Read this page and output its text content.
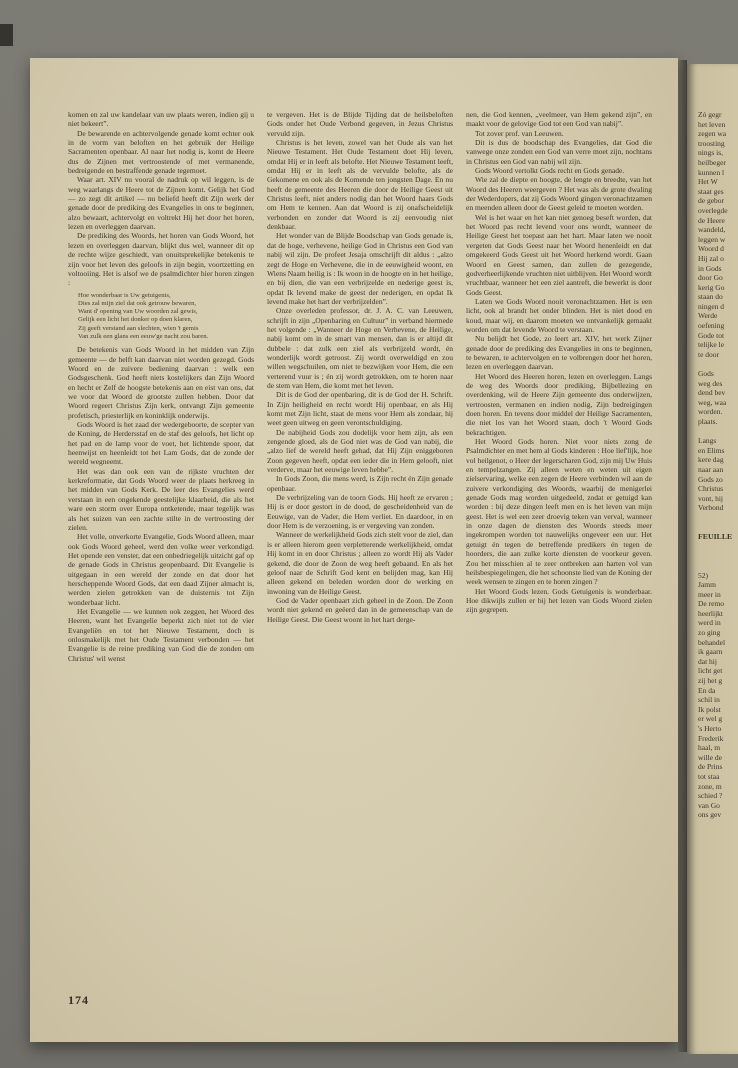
komen en zal uw kandelaar van uw plaats weren, indien gij u niet bekeert”.

De bewarende en achtervolgende genade komt echter ook in de vorm van beloften en het gebruik der Heilige Sacramenten openbaar. Al naar het nodig is, komt de Heere dus de Zijnen met vertroostende of met vermanende, bedreigende en bestraffende genade tegemoet.

Waar art. XIV nu vooral de nadruk op wil leggen, is de weg waarlangs de Heere tot de Zijnen komt. Gelijk het God — zo zegt dit artikel — nu beliefd heeft dit Zijn werk der genade door de prediking des Evangelies in ons te beginnen, alzo bewaart, achtervolgt en voltrekt Hij het door het horen, lezen en overleggen daarvan.

De prediking des Woords, het horen van Gods Woord, het lezen en overleggen daarvan, blijkt dus wel, wanneer dit op de rechte wijze geschiedt, van onuitsprekelijke betekenis te zijn voor het leven des geloofs in zijn begin, voortzetting en voltooiing. Het is alsof we de psalmdichter hier horen zingen :

Hoe wonderbaar is Uw getuigenis,
Dies zal mijn ziel dat ook getrouw bewaren,
Want d' opening van Uw woorden zal gewis,
Gelijk een licht het donker op doen klaren,
Zij geeft verstand aan slechten, wien 't gemis
Van zulk een glans een eeuw'ge nacht zou baren.

De betekenis van Gods Woord in het midden van Zijn gemeente — de helft kan daarvan niet worden gezegd. Gods Woord en de zuivere bediening daarvan : welk een Godsgeschenk. God heeft niets kostelijkers dan Zijn Woord en hecht er Zelf de hoogste betekenis aan en eist van ons, dat we voor dat Woord de grootste zullen hebben. Door dat Woord regeert Christus Zijn kerk, ontvangt Zijn gemeente profetisch, priesterlijk en koninklijk onderwijs.

Gods Woord is het zaad der wedergeboorte, de scepter van de Koning, de Herdersstaf en de staf des geloofs, het licht op het pad en de lamp voor de voet, het lichtende spoor, dat heenwijst en heenleidt tot het Lam Gods, dat de zonde der wereld wegneemt.

Het was dan ook een van de rijkste vruchten der kerkreformatie, dat Gods Woord weer de plaats herkreeg in het midden van Gods Kerk. De leer des Evangelies werd verstaan in een ongekende geestelijke klaarheid, die als het ware een storm over Europa ontketende, maar tegelijk was als het suizen van een zachte stilte in de vertroosting der zielen.

Het volle, onverkorte Evangelie, Gods Woord alleen, maar ook Gods Woord geheel, werd den volke weer verkondigd. Het opende een venster, dat een onbedriegelijk uitzicht gaf op de genade Gods in Christus geopenbaard. Dit Evangelie is uitgegaan in een wereld der zonde en dat door het herscheppende Woord Gods, dat een daad Zijner almacht is, werden zielen getrokken van de duisternis tot Zijn wonderbaar licht.

Het Evangelie — we kunnen ook zeggen, het Woord des Heeren, want het Evangelie beperkt zich niet tot de vier Evangeliën en tot het Nieuwe Testament, doch is onlosmakelijk met het Oude Testament verbonden — het Evangelie is de reine prediking van God die de zonden om Christus' wil wenst

te vergeven. Het is de Blijde Tijding dat de heilsbeloften Gods onder het Oude Verbond gegeven, in Jezus Christus vervuld zijn.

Christus is het leven, zowel van het Oude als van het Nieuwe Testament. Het Oude Testament doet Hij leven, omdat Hij er in leeft als belofte. Het Nieuwe Testament leeft, omdat Hij er in leeft als de vervulde belofte, als de Gekomene en ook als de Komende ten jongsten Dage. En nu heeft de gemeente des Heeren die door de Heilige Geest uit Christus leeft, niet anders nodig dan het Woord haars Gods om Hem te kennen. Aan dat Woord is zij onafscheidelijk verbonden en zonder dat Woord is zij eenvoudig niet denkbaar.

Het wonder van de Blijde Boodschap van Gods genade is, dat de hoge, verhevene, heilige God in Christus een God van nabij wil zijn. De profeet Jesaja omschrijft dit aldus : „alzo zegt de Hoge en Verhevene, die in de eeuwigheid woont, en Wiens Naam heilig is : Ik woon in de hoogte en in het heilige, en bij dien, die van een verbrijzelde en nederige geest is, opdat Ik levend make de geest der nederigen, en opdat Ik levend make het hart der verbrijzelden”.

Onze overleden professor, dr. J. A. C. van Leeuwen, schrijft in zijn „Openbaring en Cultuur” in verband hiermede het volgende : „Wanneer de Hoge en Verhevene, de Heilige, nabij komt om in de smart van mensen, dan is er altijd dit dubbele : dat zulk een ziel als verbrijzeld wordt, én wonderlijk wordt getroost. Zij wordt overweldigd en zou willen wegschuilen, om niet te bezwijken voor Hem, die een verterend vuur is ; én zij wordt getrokken, om te horen naar de stem van Hem, die komt met het leven.

Dit is de God der openbaring, dit is de God der H. Schrift. In Zijn heiligheid en recht wordt Hij openbaar, en als Hij komt met Zijn licht, staat de mens voor Hem als zondaar, hij weet geen uitweg en geen verontschuldiging.

De nabijheid Gods zou dodelijk voor hem zijn, als een zengende gloed, als de God niet was de God van nabij, die „alzo lief de wereld heeft gehad, dat Hij Zijn eniggeboren Zoon gegeven heeft, opdat een ieder die in Hem gelooft, niet verderve, maar het eeuwige leven hebbe”.

In Gods Zoon, die mens werd, is Zijn recht én Zijn genade openbaar.

De verbrijzeling van de toorn Gods. Hij heeft ze ervaren ; Hij is er door gestort in de dood, de gescheidenheid van de Eeuwige, van de Vader, die Hem verliet. En daardoor, in en door Hem is de verzoening, is er vergeving van zonden.

Wanneer de werkelijkheid Gods zich stelt voor de ziel, dan is er alleen hierom geen verpletterende werkelijkheid, omdat Hij komt in en door Christus ; alleen zo wordt Hij als Vader gekend, die door de Zoon de weg heeft gebaand. En als het geloof naar de Schrift God kent en belijden mag, kan Hij alleen gekend en beleden worden door de werking en inwoning van de Heilige Geest.

God de Vader openbaart zich geheel in de Zoon. De Zoon wordt niet gekend en geëerd dan in de gemeenschap van de Heilige Geest. Die Geest woont in het hart derge-

nen, die God kennen, „veelmeer, van Hem gekend zijn”, en maakt voor de gelovige God tot een God van nabij”.

Tot zover prof. van Leeuwen.

Dit is dus de boodschap des Evangelies, dat God die vanwege onze zonden een God van verre moet zijn, nochtans in Christus een God van nabij wil zijn.

Gods Woord vertolkt Gods recht en Gods genade.

Wie zal de diepte en hoogte, de lengte en breedte, van het Woord des Heeren weergeven ? Het was als de grote dwaling der Wederdopers, dat zij Gods Woord gingen veronachtzamen en meenden alleen door de Geest geleid te moeten worden.

Wel is het waar en het kan niet genoeg beseft worden, dat het Woord pas recht levend voor ons wordt, wanneer de Heilige Geest het toepast aan het hart. Maar laten we nooit vergeten dat Gods Geest naar het Woord henenleidt en dat omgekeerd Gods Geest uit het Woord herkend wordt. Gaan Woord en Geest samen, dan zullen de gezegende, godverheerlijkende vruchten niet uitblijven. Het Woord wordt vruchtbaar, wanneer het een ziel aantreft, die bewerkt is door Gods Geest.

Laten we Gods Woord nooit veronachtzamen. Het is een licht, ook al brandt het onder blinden. Het is niet dood en koud, maar wij, en daarom moeten we ontvankelijk gemaakt worden om dat levende Woord te verstaan.

Nu belijdt het Gode, zo leert art. XIV, het werk Zijner genade door de prediking des Evangelies in ons te beginnen, te bewaren, te achtervolgen en te volbrengen door het horen, lezen en overleggen daarvan.

Het Woord des Heeren horen, lezen en overleggen. Langs de weg des Woords door prediking, Bijbellezing en overdenking, wil de Heere Zijn gemeente dus onderwijzen, vertroosten, vermanen en indien nodig, Zijn bedreigingen doen horen. En tevens door middel der Heilige Sacramenten, die niet los van het Woord staan, doch 't Woord Gods bekrachtigen.

Het Woord Gods horen. Niet voor niets zong de Psalmdichter en met hem al Gods kinderen : Hoe lief'lijk, hoe vol heilgenot, o Heer der legerscharen God, zijn mij Uw Huis en tempelzangen. Zij alleen weten en weten uit eigen zielservaring, welke een zegen de Heere verbinden wil aan de zuivere verkondiging des Woords, waarbij de menigerlei genade Gods mag worden uitgedeeld, zodat er getuigd kan worden : bij deze dingen leeft men en is het leven van mijn geest. Het is wel een zeer droevig teken van verval, wanneer in onze dagen de diensten des Woords steeds meer ingekrompen worden tot nauwelijks ongeveer een uur. Het getuigt én tegen de betreffende predikers én tegen de hoorders, die aan zulke korte diensten de voorkeur geven. Zou het misschien al te zeer ontbreken aan harten vol van heilsbespiegelingen, die het schoonste lied van de Koning der week wensen te zingen en te horen zingen ?

Het Woord Gods lezen. Gods Getuigenis is wonderbaar. Hoe dikwijls zullen er bij het lezen van Gods Woord zielen zijn gegrepen.

174
Zó gegr
het leven
zegen wa
troosting
nings is,
heilbeger
kunnen l
Het W
staat ges
de gebor
overlegde
de Heere
wandeld,
leggen w
Woord d
Hij zal o
in Gods
door Go
kerig Go
staan do
ningen d
Werde
oefening
Gode tot
telijke le
te door
Gods
weg des
dend bev
weg, waa
worden.
plaats.
Langs
en Elims
kere dag
naar aan
Gods zo
Christus
vont, hij
Verbond
FEUILLE
52)
Jamm
meer in
De remo
heerlijkt
werd in
zo ging
behandel
ik gaarn
dat hij
licht get
zij het g
En da
schil in
Ik polst
er wel g
's Herto
Frederik
haal, m
wille de
de Prins
tot staa
zone, m
schied ?
van Go
ons gev
